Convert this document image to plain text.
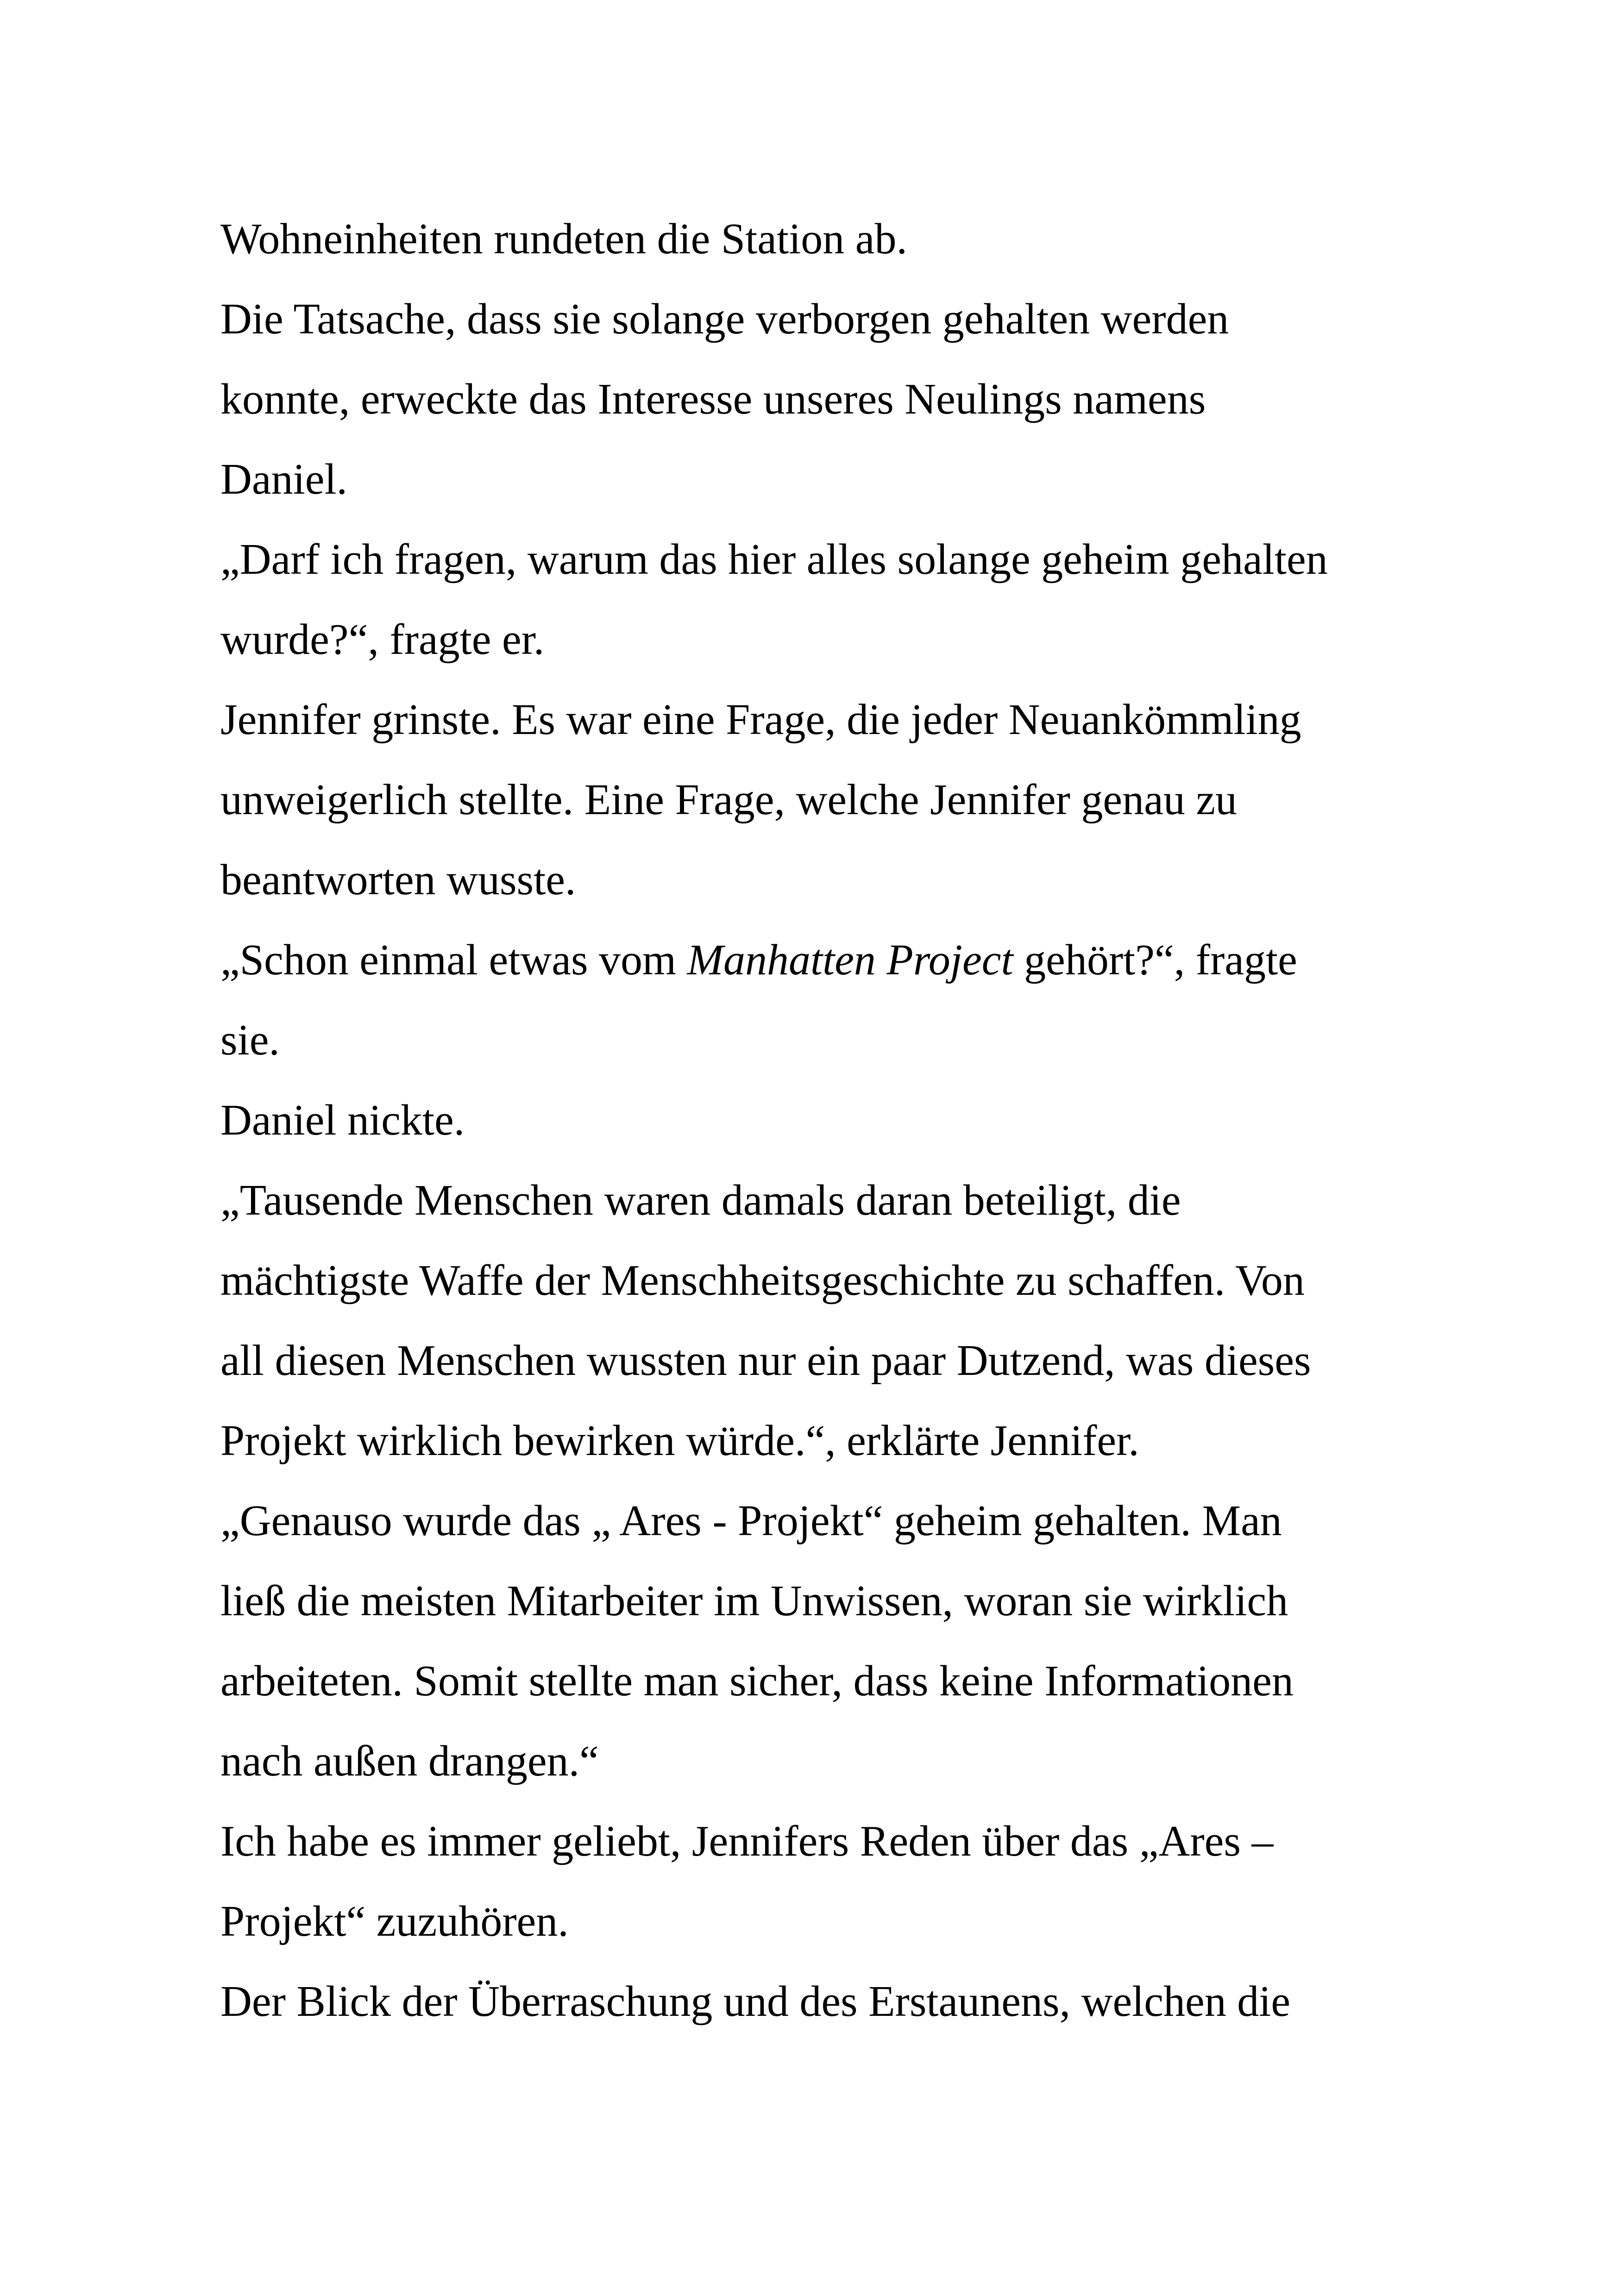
Wohneinheiten rundeten die Station ab.
Die Tatsache, dass sie solange verborgen gehalten werden
konnte, erweckte das Interesse unseres Neulings namens
Daniel.
„Darf ich fragen, warum das hier alles solange geheim gehalten
wurde?“, fragte er.
Jennifer grinste. Es war eine Frage, die jeder Neuankömmling
unweigerlich stellte. Eine Frage, welche Jennifer genau zu
beantworten wusste.
„Schon einmal etwas vom Manhatten Project gehört?“, fragte
sie.
Daniel nickte.
„Tausende Menschen waren damals daran beteiligt, die
mächtigste Waffe der Menschheitsgeschichte zu schaffen. Von
all diesen Menschen wussten nur ein paar Dutzend, was dieses
Projekt wirklich bewirken würde.“, erklärte Jennifer.
„Genauso wurde das „ Ares - Projekt“ geheim gehalten. Man
ließ die meisten Mitarbeiter im Unwissen, woran sie wirklich
arbeiteten. Somit stellte man sicher, dass keine Informationen
nach außen drangen.“
Ich habe es immer geliebt, Jennifers Reden über das „Ares –
Projekt“ zuzuhören.
Der Blick der Überraschung und des Erstaunens, welchen die
